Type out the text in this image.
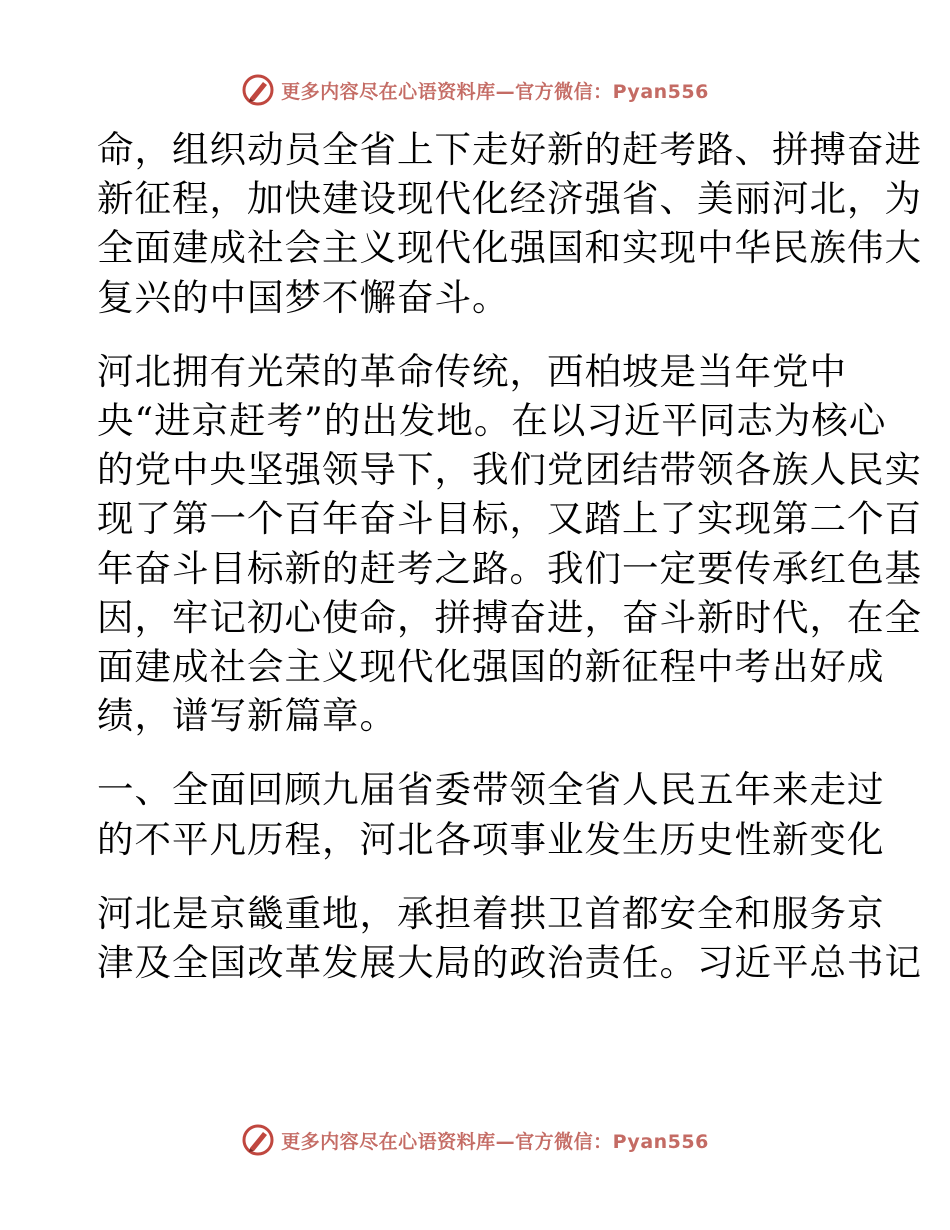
更多内容尽在心语资料库—官方微信：Pyan556

命，组织动员全省上下走好新的赶考路、拼搏奋进
新征程，加快建设现代化经济强省、美丽河北，为
全面建成社会主义现代化强国和实现中华民族伟大
复兴的中国梦不懈奋斗。

河北拥有光荣的革命传统，西柏坡是当年党中
央“进京赶考”的出发地。在以习近平同志为核心
的党中央坚强领导下，我们党团结带领各族人民实
现了第一个百年奋斗目标，又踏上了实现第二个百
年奋斗目标新的赶考之路。我们一定要传承红色基
因，牢记初心使命，拼搏奋进，奋斗新时代，在全
面建成社会主义现代化强国的新征程中考出好成
绩，谱写新篇章。

一、全面回顾九届省委带领全省人民五年来走过
的不平凡历程，河北各项事业发生历史性新变化

河北是京畿重地，承担着拱卫首都安全和服务京
津及全国改革发展大局的政治责任。习近平总书记

更多内容尽在心语资料库—官方微信：Pyan556
